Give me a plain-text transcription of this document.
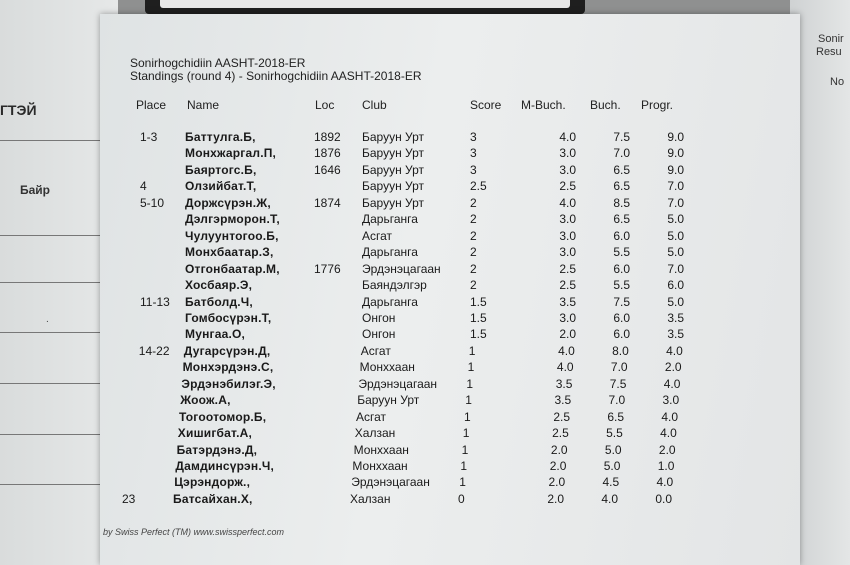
ГТЭЙ
Байр
.
Sonir
Resu
No
Sonirhogchidiin AASHT-2018-ER
Standings (round 4) - Sonirhogchidiin AASHT-2018-ER
Place Name	Loc Club	Score M-Buch. Buch. Progr.
1-3 Баттулга.Б,	1892 Баруун Урт	3	4.0	7.5	9.0
Монхжаргал.П,	1876 Баруун Урт	3	3.0	7.0	9.0
Баяртогс.Б,	1646 Баруун Урт	3	3.0	6.5	9.0
4	Олзийбат.Т,	Баруун Урт	2.5	2.5	6.5	7.0
5-10 Доржсүрэн.Ж,	1874 Баруун Урт	2	4.0	8.5	7.0
Дэлгэрморон.Т,	Дарьганга	2	3.0	6.5	5.0
Чулуунтогоо.Б,	Асгат	2	3.0	6.0	5.0
Монхбаатар.З,	Дарьганга	2	3.0	5.5	5.0
Отгонбаатар.М,	1776 Эрдэнэцагаан 2	2.5	6.0	7.0
Хосбаяр.Э,	Баяндэлгэр	2	2.5	5.5	6.0
11-13 Батболд.Ч,	Дарьганга	1.5	3.5	7.5	5.0
Гомбосүрэн.Т,	Онгон	1.5	3.0	6.0	3.5
Мунгаа.О,	Онгон	1.5	2.0	6.0	3.5
14-22 Дугарсүрэн.Д,	Асгат	1	4.0	8.0	4.0
Монхэрдэнэ.С,	Монххаан	1	4.0	7.0	2.0
Эрдэнэбилэг.Э,	Эрдэнэцагаан 1	3.5	7.5	4.0
Жоож.А,	Баруун Урт	1	3.5	7.0	3.0
Тогоотомор.Б,	Асгат	1	2.5	6.5	4.0
Хишигбат.А,	Халзан	1	2.5	5.5	4.0
Батэрдэнэ.Д,	Монххаан	1	2.0	5.0	2.0
Дамдинсүрэн.Ч,	Монххаан	1	2.0	5.0	1.0
Цэрэндорж.,	Эрдэнэцагаан 1	2.0	4.5	4.0
23	Батсайхан.Х,	Халзан	0	2.0	4.0	0.0
by Swiss Perfect (TM) www.swissperfect.com
